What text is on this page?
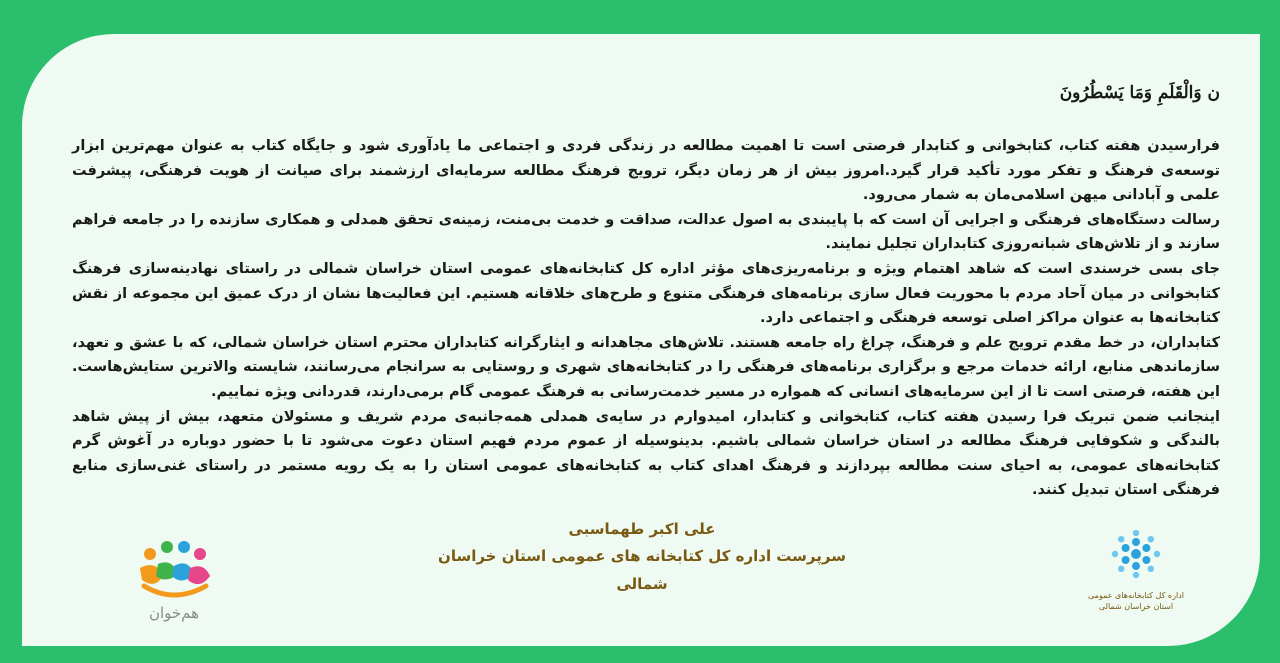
ن وَالْقَلَمِ وَمَا يَسْطُرُونَ

فرارسیدن هفته کتاب، کتابخوانی و کتابدار فرصتی است تا اهمیت مطالعه در زندگی فردی و اجتماعی ما یادآوری شود و جایگاه کتاب به عنوان مهم‌ترین ابزار توسعه‌ی فرهنگ و تفکر مورد تأکید قرار گیرد.امروز بیش از هر زمان دیگر، ترویج فرهنگ مطالعه سرمایه‌ای ارزشمند برای صیانت از هویت فرهنگی، پیشرفت علمی و آبادانی میهن اسلامی‌مان به شمار می‌رود.

رسالت دستگاه‌های فرهنگی و اجرایی آن است که با پایبندی به اصول عدالت، صداقت و خدمت بی‌منت، زمینه‌ی تحقق همدلی و همکاری سازنده را در جامعه فراهم سازند و از تلاش‌های شبانه‌روزی کتابداران تجلیل نمایند.

جای بسی خرسندی است که شاهد اهتمام ویژه و برنامه‌ریزی‌های مؤثر اداره کل کتابخانه‌های عمومی استان خراسان شمالی در راستای نهادینه‌سازی فرهنگ کتابخوانی در میان آحاد مردم با محوریت فعال سازی برنامه‌های فرهنگی متنوع و طرح‌های خلاقانه هستیم. این فعالیت‌ها نشان از درک عمیق این مجموعه از نقش کتابخانه‌ها به عنوان مراکز اصلی توسعه فرهنگی و اجتماعی دارد.

کتابداران، در خط مقدم ترویج علم و فرهنگ، چراغ راه جامعه هستند. تلاش‌های مجاهدانه و ایثارگرانه کتابداران محترم استان خراسان شمالی، که با عشق و تعهد، سازماندهی منابع، ارائه خدمات مرجع و برگزاری برنامه‌های فرهنگی را در کتابخانه‌های شهری و روستایی به سرانجام می‌رسانند، شایسته والاترین ستایش‌هاست. این هفته، فرصتی است تا از این سرمایه‌های انسانی که همواره در مسیر خدمت‌رسانی به فرهنگ عمومی گام برمی‌دارند، قدردانی ویژه نماییم.

اینجانب ضمن تبریک فرا رسیدن هفته کتاب، کتابخوانی و کتابدار، امیدوارم در سایه‌ی همدلی همه‌جانبه‌ی مردم شریف و مسئولان متعهد، بیش از پیش شاهد بالندگی و شکوفایی فرهنگ مطالعه در استان خراسان شمالی باشیم. بدینوسیله از عموم مردم فهیم استان دعوت می‌شود تا با حضور دوباره در آغوش گرم کتابخانه‌های عمومی، به احیای سنت مطالعه بپردازند و فرهنگ اهدای کتاب به کتابخانه‌های عمومی استان را به یک رویه مستمر در راستای غنی‌سازی منابع فرهنگی استان تبدیل کنند.

علی اکبر طهماسبی
سرپرست اداره کل کتابخانه های عمومی استان خراسان شمالی
هم‌خوان
اداره کل کتابخانه‌های عمومی استان خراسان شمالی
